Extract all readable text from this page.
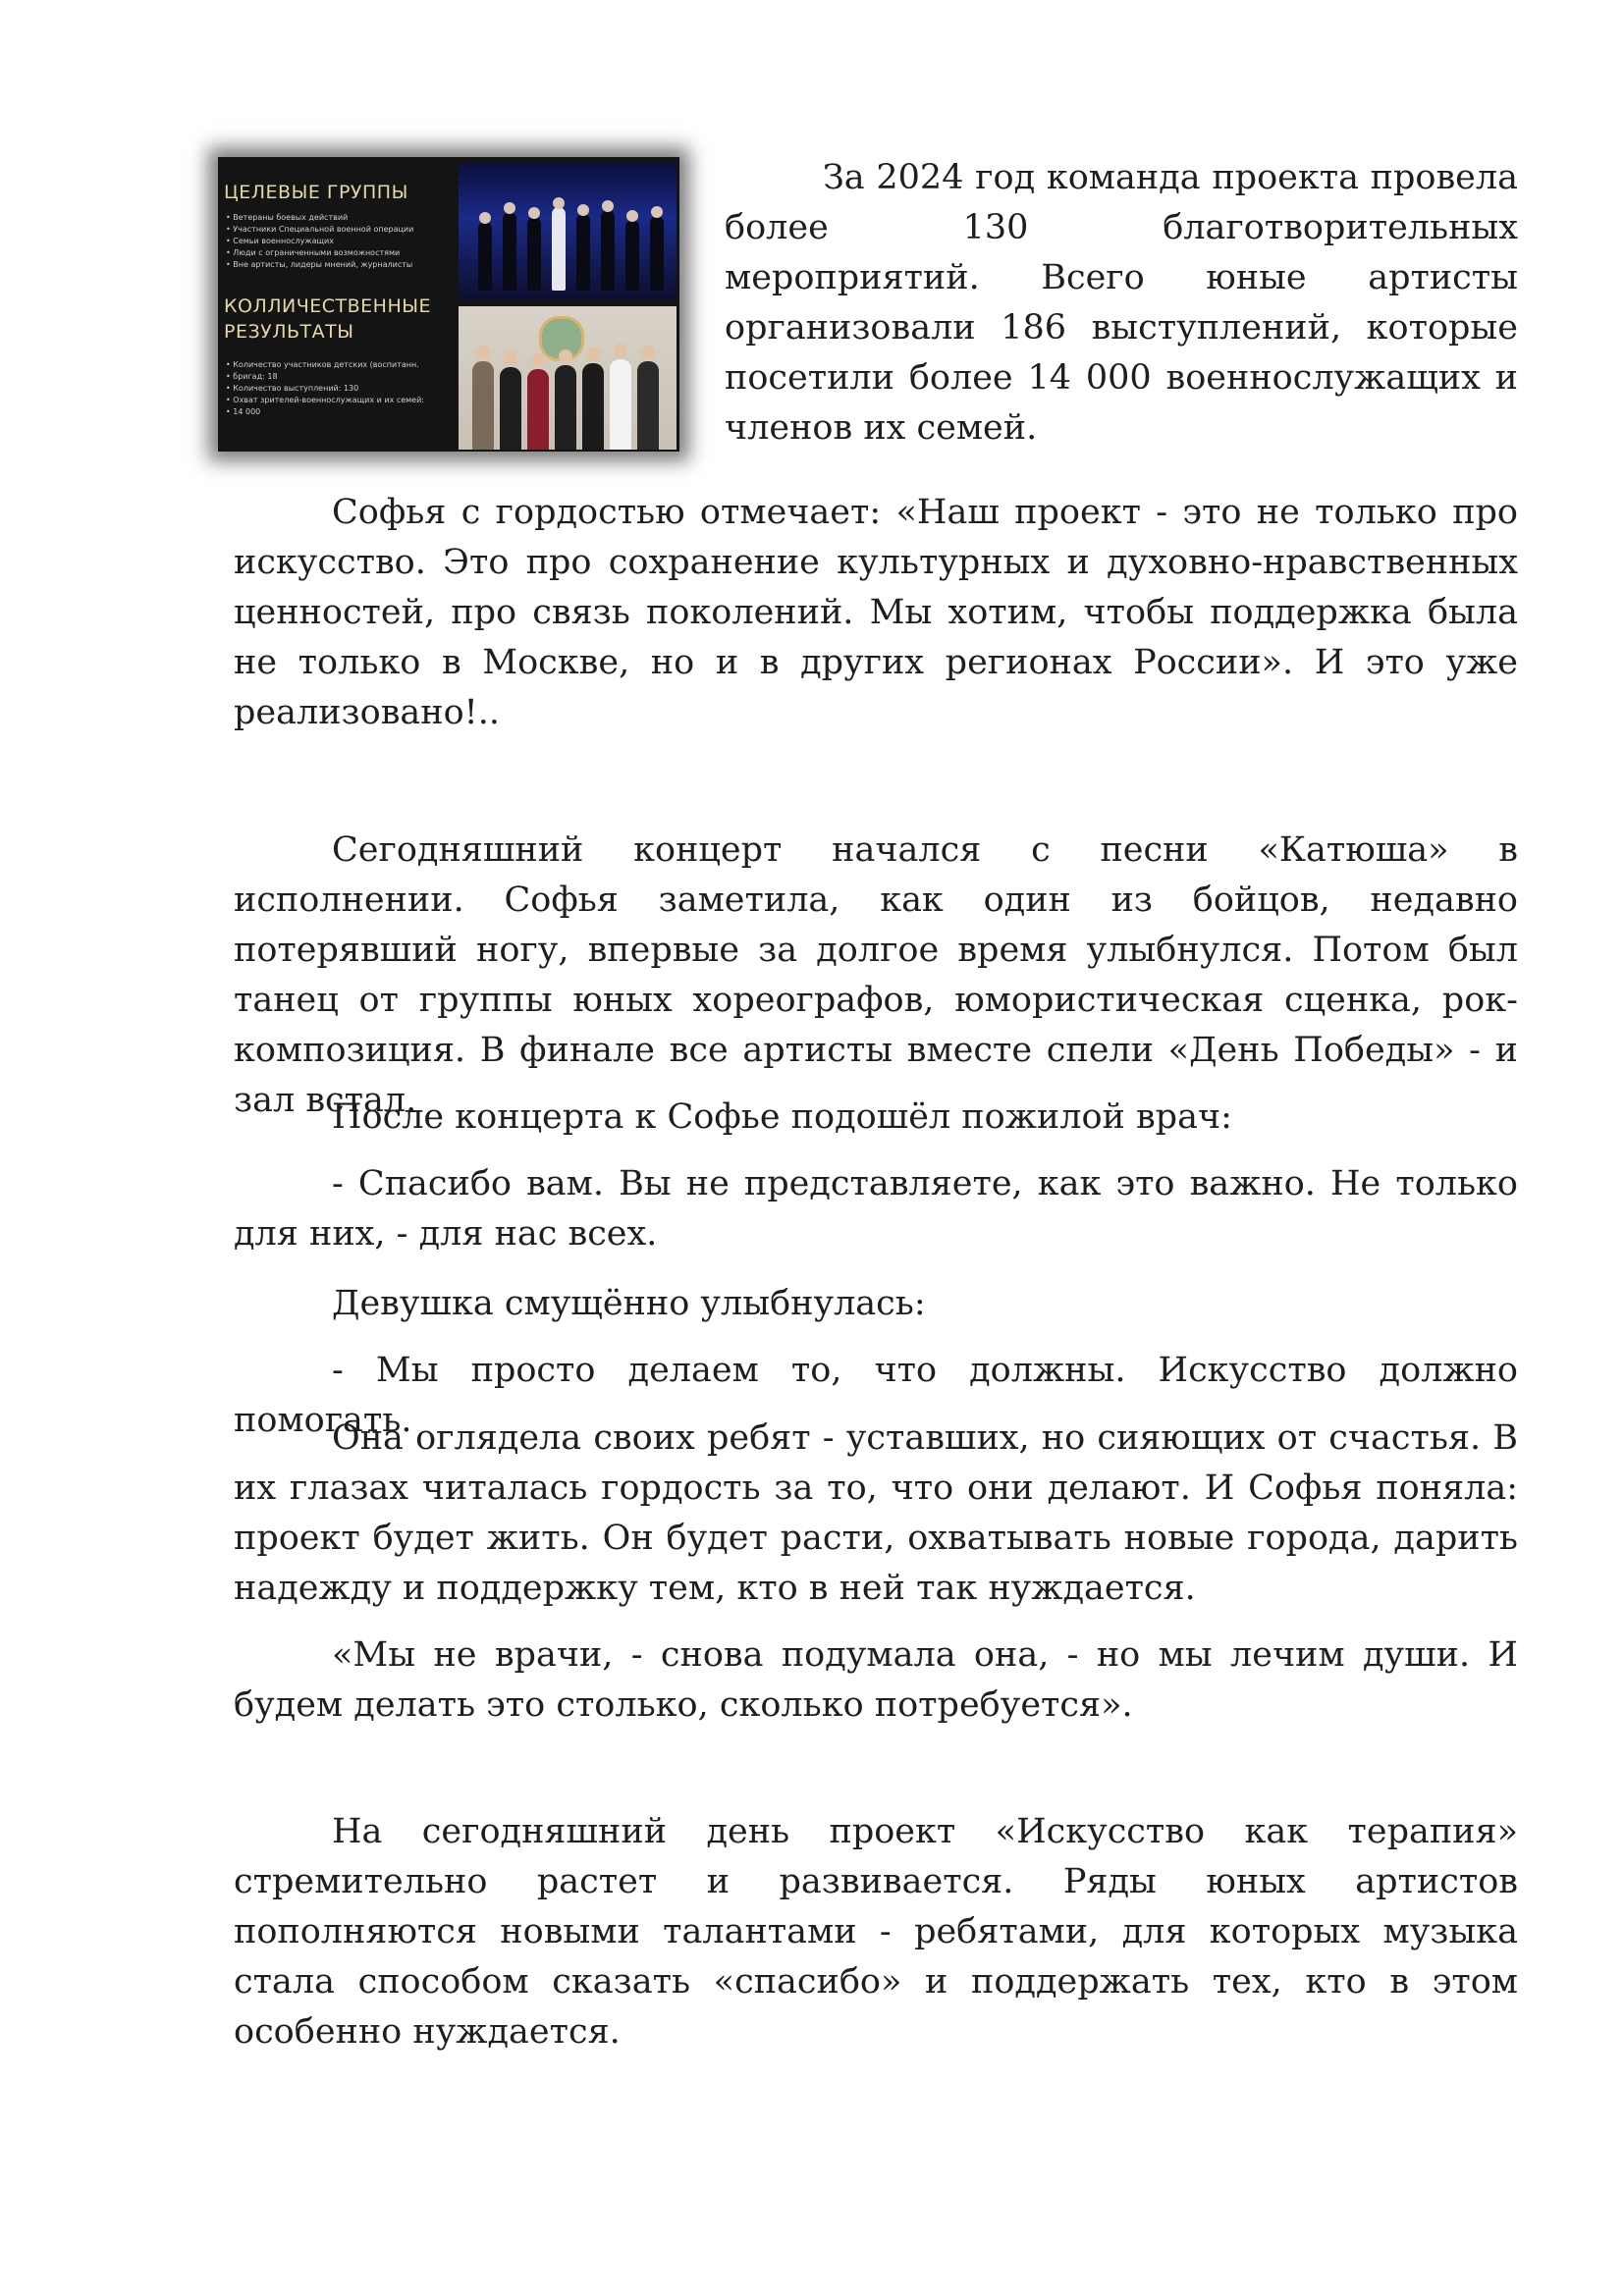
ЦЕЛЕВЫЕ ГРУППЫ
• Ветераны боевых действий
• Участники Специальной военной операции
• Семьи военнослужащих
• Люди с ограниченными возможностями
• Вне артисты, лидеры мнений, журналисты
КОЛЛИЧЕСТВЕННЫЕ
РЕЗУЛЬТАТЫ
• Количество участников детских (воспитанн.
• бригад: 18
• Количество выступлений: 130
• Охват зрителей-военнослужащих и их семей:
• 14 000

За 2024 год команда проекта провела более 130 благотворительных мероприятий. Всего юные артисты организовали 186 выступлений, которые посетили более 14 000 военнослужащих и членов их семей.

Софья с гордостью отмечает: «Наш проект - это не только про искусство. Это про сохранение культурных и духовно-нравственных ценностей, про связь поколений. Мы хотим, чтобы поддержка была не только в Москве, но и в других регионах России». И это уже реализовано!..

Сегодняшний концерт начался с песни «Катюша» в исполнении. Софья заметила, как один из бойцов, недавно потерявший ногу, впервые за долгое время улыбнулся. Потом был танец от группы юных хореографов, юмористическая сценка, рок-композиция. В финале все артисты вместе спели «День Победы» - и зал встал.

После концерта к Софье подошёл пожилой врач:

- Спасибо вам. Вы не представляете, как это важно. Не только для них, - для нас всех.

Девушка смущённо улыбнулась:

- Мы просто делаем то, что должны. Искусство должно помогать.

Она оглядела своих ребят - уставших, но сияющих от счастья. В их глазах читалась гордость за то, что они делают. И Софья поняла: проект будет жить. Он будет расти, охватывать новые города, дарить надежду и поддержку тем, кто в ней так нуждается.

«Мы не врачи, - снова подумала она, - но мы лечим души. И будем делать это столько, сколько потребуется».

На сегодняшний день проект «Искусство как терапия» стремительно растет и развивается. Ряды юных артистов пополняются новыми талантами - ребятами, для которых музыка стала способом сказать «спасибо» и поддержать тех, кто в этом особенно нуждается.
